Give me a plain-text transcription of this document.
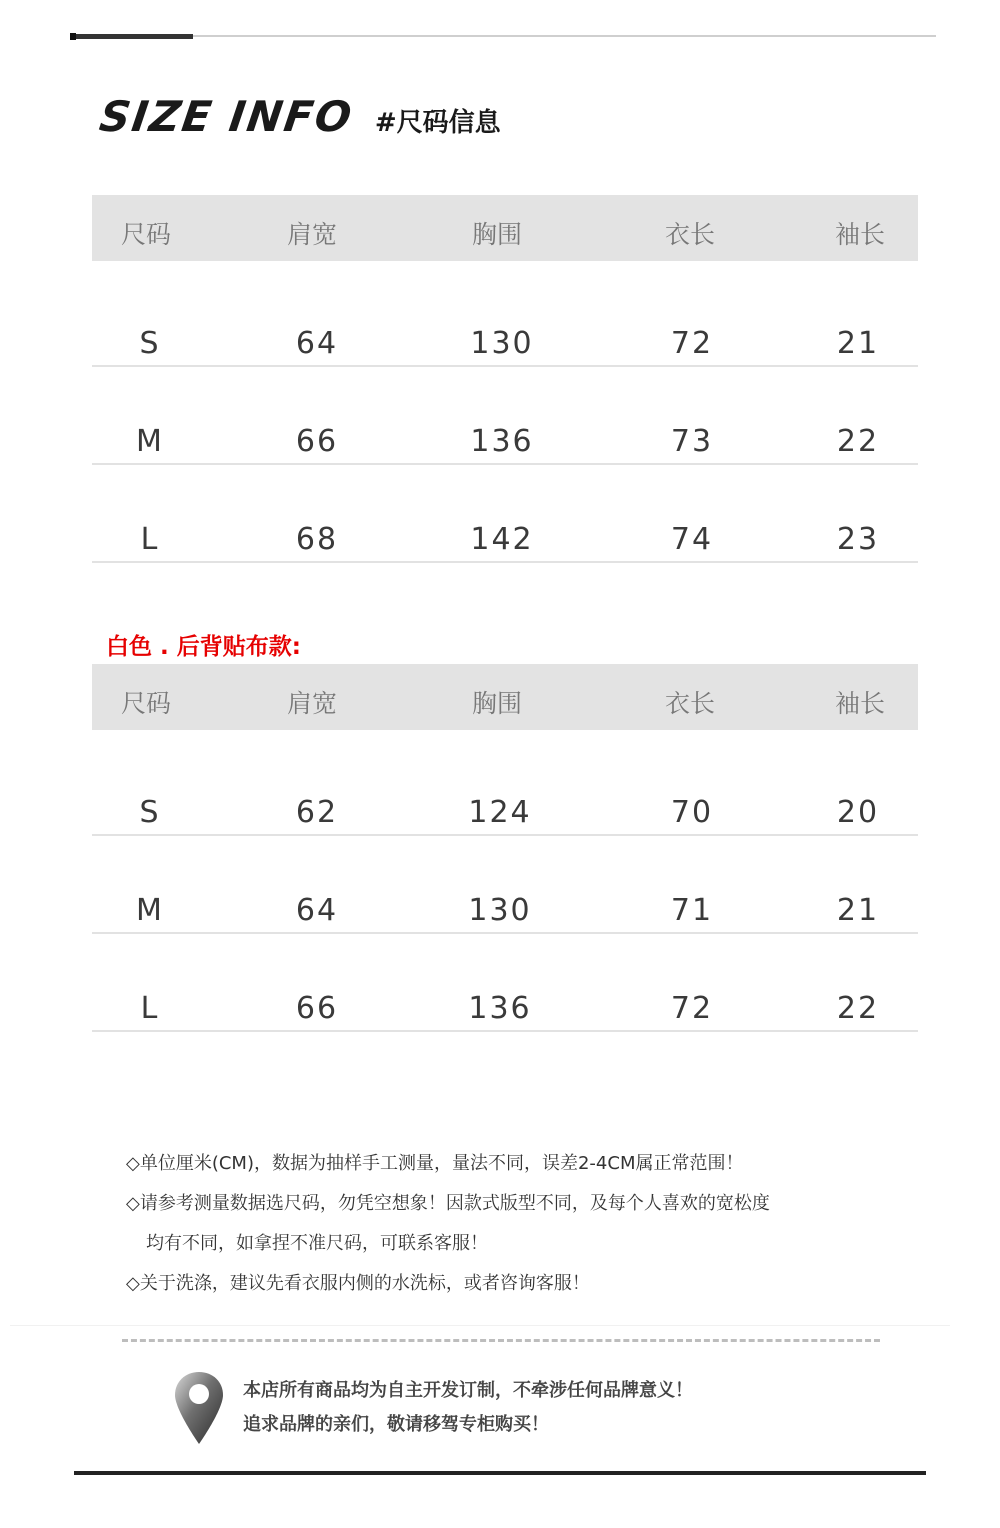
SIZE INFO #尺码信息
尺码	肩宽	胸围	衣长	袖长
S	64	130	72	21
M	66	136	73	22
L	68	142	74	23
白色 . 后背贴布款:
尺码	肩宽	胸围	衣长	袖长
S	62	124	70	20
M	64	130	71	21
L	66	136	72	22
◇单位厘米(CM)，数据为抽样手工测量，量法不同，误差2-4CM属正常范围！
◇请参考测量数据选尺码，勿凭空想象！因款式版型不同，及每个人喜欢的宽松度
均有不同，如拿捏不准尺码，可联系客服！
◇关于洗涤，建议先看衣服内侧的水洗标，或者咨询客服！
本店所有商品均为自主开发订制，不牵涉任何品牌意义！
追求品牌的亲们，敬请移驾专柜购买！
